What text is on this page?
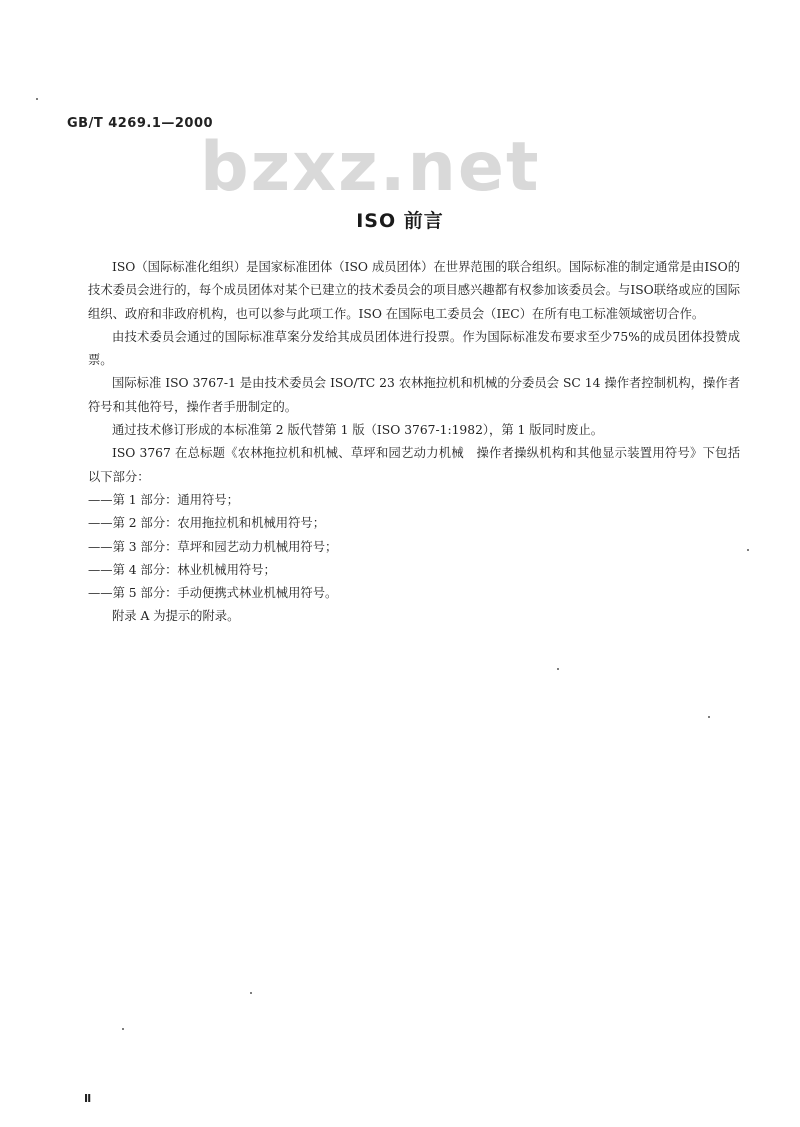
GB/T 4269.1—2000
bzxz.net
ISO 前言

ISO（国际标准化组织）是国家标准团体（ISO 成员团体）在世界范围的联合组织。国际标准的制定通常是由ISO的技术委员会进行的，每个成员团体对某个已建立的技术委员会的项目感兴趣都有权参加该委员会。与ISO联络或应的国际组织、政府和非政府机构，也可以参与此项工作。ISO 在国际电工委员会（IEC）在所有电工标准领域密切合作。

由技术委员会通过的国际标准草案分发给其成员团体进行投票。作为国际标准发布要求至少75%的成员团体投赞成票。

国际标准 ISO 3767-1 是由技术委员会 ISO/TC 23 农林拖拉机和机械的分委员会 SC 14 操作者控制机构，操作者符号和其他符号，操作者手册制定的。

通过技术修订形成的本标准第 2 版代替第 1 版（ISO 3767-1:1982），第 1 版同时废止。

ISO 3767 在总标题《农林拖拉机和机械、草坪和园艺动力机械　操作者操纵机构和其他显示装置用符号》下包括以下部分：

——第 1 部分：通用符号；
——第 2 部分：农用拖拉机和机械用符号；
——第 3 部分：草坪和园艺动力机械用符号；
——第 4 部分：林业机械用符号；
——第 5 部分：手动便携式林业机械用符号。

附录 A 为提示的附录。

Ⅱ
